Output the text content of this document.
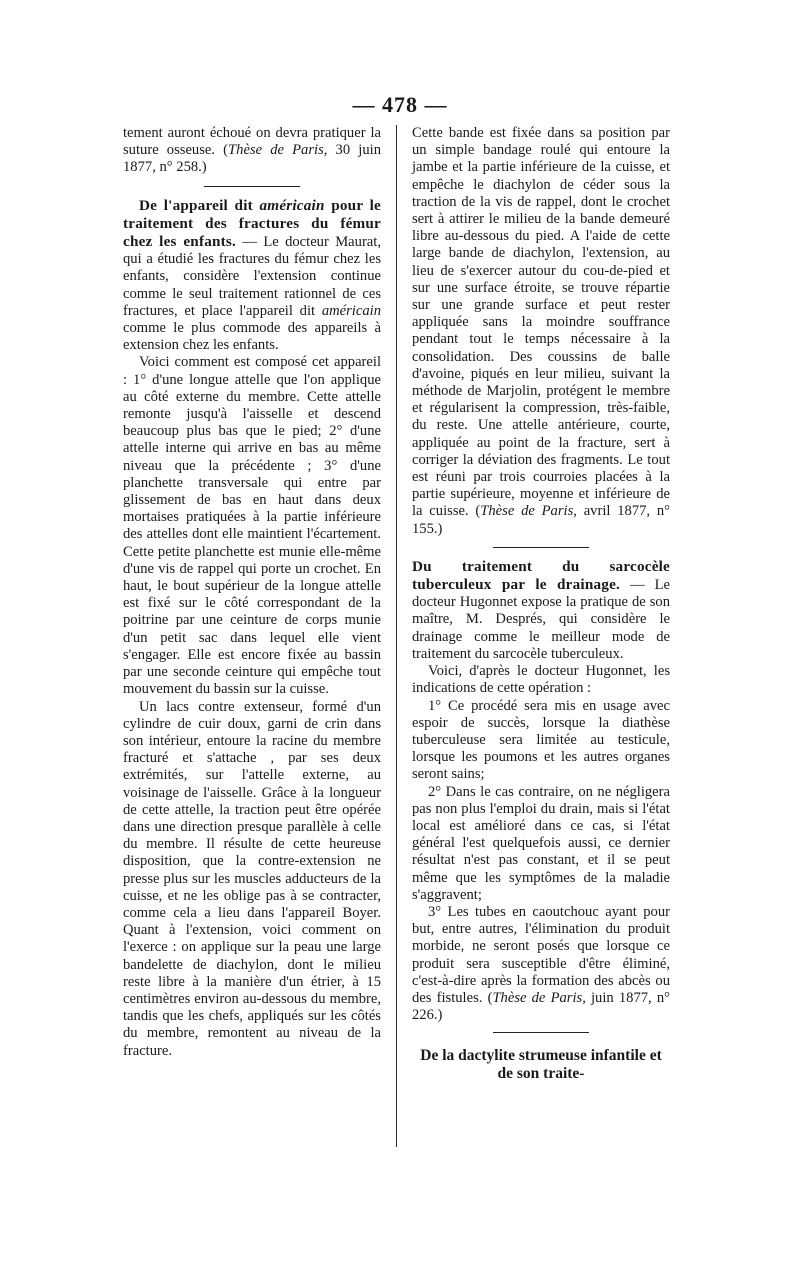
— 478 —

tement auront échoué on devra pratiquer la suture osseuse. (Thèse de Paris, 30 juin 1877, n° 258.)

De l'appareil dit américain pour le traitement des fractures du fémur chez les enfants. — Le docteur Maurat, qui a étudié les fractures du fémur chez les enfants, considère l'extension continue comme le seul traitement rationnel de ces fractures, et place l'appareil dit américain comme le plus commode des appareils à extension chez les enfants.

Voici comment est composé cet appareil : 1° d'une longue attelle que l'on applique au côté externe du membre. Cette attelle remonte jusqu'à l'aisselle et descend beaucoup plus bas que le pied; 2° d'une attelle interne qui arrive en bas au même niveau que la précédente ; 3° d'une planchette transversale qui entre par glissement de bas en haut dans deux mortaises pratiquées à la partie inférieure des attelles dont elle maintient l'écartement. Cette petite planchette est munie elle-même d'une vis de rappel qui porte un crochet. En haut, le bout supérieur de la longue attelle est fixé sur le côté correspondant de la poitrine par une ceinture de corps munie d'un petit sac dans lequel elle vient s'engager. Elle est encore fixée au bassin par une seconde ceinture qui empêche tout mouvement du bassin sur la cuisse.

Un lacs contre extenseur, formé d'un cylindre de cuir doux, garni de crin dans son intérieur, entoure la racine du membre fracturé et s'attache , par ses deux extrémités, sur l'attelle externe, au voisinage de l'aisselle. Grâce à la longueur de cette attelle, la traction peut être opérée dans une direction presque parallèle à celle du membre. Il résulte de cette heureuse disposition, que la contre-extension ne presse plus sur les muscles adducteurs de la cuisse, et ne les oblige pas à se contracter, comme cela a lieu dans l'appareil Boyer. Quant à l'extension, voici comment on l'exerce : on applique sur la peau une large bandelette de diachylon, dont le milieu reste libre à la manière d'un étrier, à 15 centimètres environ au-dessous du membre, tandis que les chefs, appliqués sur les côtés du membre, remontent au niveau de la fracture.

Cette bande est fixée dans sa position par un simple bandage roulé qui entoure la jambe et la partie inférieure de la cuisse, et empêche le diachylon de céder sous la traction de la vis de rappel, dont le crochet sert à attirer le milieu de la bande demeuré libre au-dessous du pied. A l'aide de cette large bande de diachylon, l'extension, au lieu de s'exercer autour du cou-de-pied et sur une surface étroite, se trouve répartie sur une grande surface et peut rester appliquée sans la moindre souffrance pendant tout le temps nécessaire à la consolidation. Des coussins de balle d'avoine, piqués en leur milieu, suivant la méthode de Marjolin, protégent le membre et régularisent la compression, très-faible, du reste. Une attelle antérieure, courte, appliquée au point de la fracture, sert à corriger la déviation des fragments. Le tout est réuni par trois courroies placées à la partie supérieure, moyenne et inférieure de la cuisse. (Thèse de Paris, avril 1877, n° 155.)

Du traitement du sarcocèle tuberculeux par le drainage. — Le docteur Hugonnet expose la pratique de son maître, M. Després, qui considère le drainage comme le meilleur mode de traitement du sarcocèle tuberculeux.

Voici, d'après le docteur Hugonnet, les indications de cette opération :

1° Ce procédé sera mis en usage avec espoir de succès, lorsque la diathèse tuberculeuse sera limitée au testicule, lorsque les poumons et les autres organes seront sains;

2° Dans le cas contraire, on ne négligera pas non plus l'emploi du drain, mais si l'état local est amélioré dans ce cas, si l'état général l'est quelquefois aussi, ce dernier résultat n'est pas constant, et il se peut même que les symptômes de la maladie s'aggravent;

3° Les tubes en caoutchouc ayant pour but, entre autres, l'élimination du produit morbide, ne seront posés que lorsque ce produit sera susceptible d'être éliminé, c'est-à-dire après la formation des abcès ou des fistules. (Thèse de Paris, juin 1877, n° 226.)

De la dactylite strumeuse infantile et de son traite-
